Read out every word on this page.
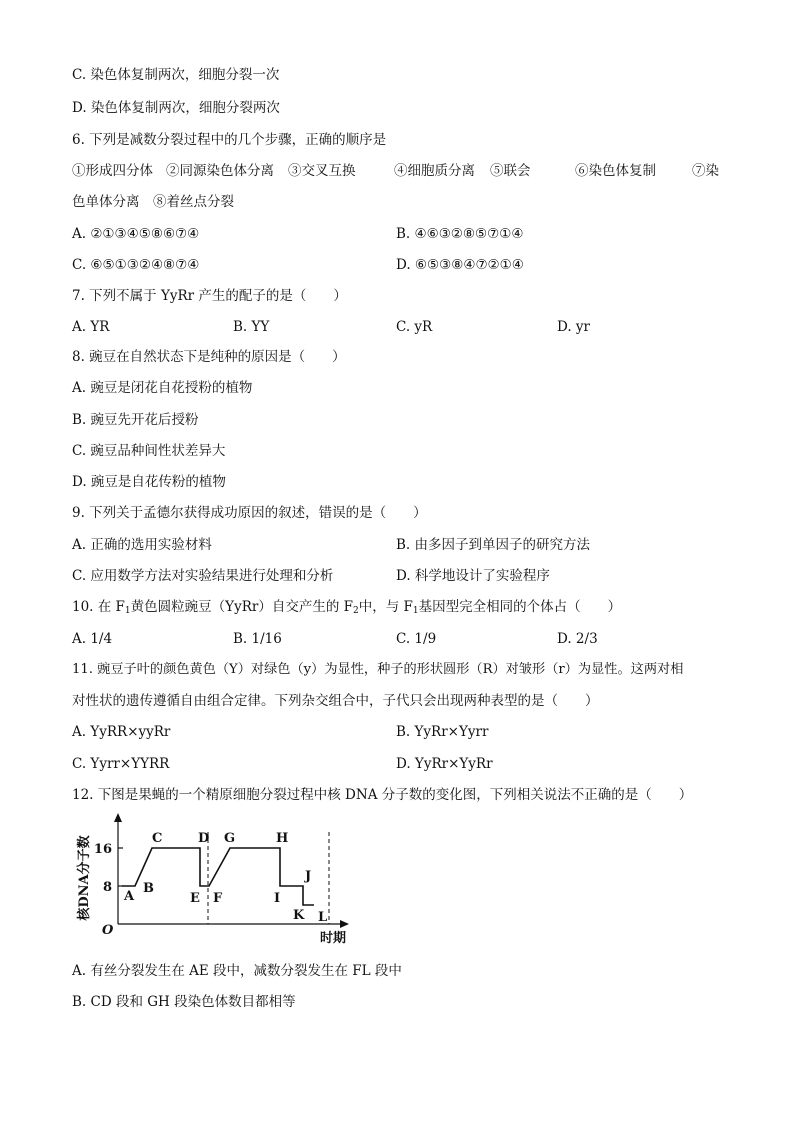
C. 染色体复制两次，细胞分裂一次
D. 染色体复制两次，细胞分裂两次
6. 下列是减数分裂过程中的几个步骤，正确的顺序是
①形成四分体 ②同源染色体分离 ③交叉互换	④细胞质分离 ⑤联会	⑥染色体复制	⑦染
色单体分离　⑧着丝点分裂
A. ②①③④⑤⑧⑥⑦④	B. ④⑥③②⑧⑤⑦①④
C. ⑥⑤①③②④⑧⑦④	D. ⑥⑤③⑧④⑦②①④
7. 下列不属于 YyRr 产生的配子的是（　　）
A. YR	B. YY	C. yR	D. yr
8. 豌豆在自然状态下是纯种的原因是（　　）
A. 豌豆是闭花自花授粉的植物
B. 豌豆先开花后授粉
C. 豌豆品种间性状差异大
D. 豌豆是自花传粉的植物
9. 下列关于孟德尔获得成功原因的叙述，错误的是（　　）
A. 正确的选用实验材料	B. 由多因子到单因子的研究方法
C. 应用数学方法对实验结果进行处理和分析	D. 科学地设计了实验程序
10. 在 $F_1$黄色圆粒豌豆（YyRr）自交产生的 $F_2$中，与 $F_1$基因型完全相同的个体占（　　）
A. 1/4	B. 1/16	C. 1/9	D. 2/3
11. 豌豆子叶的颜色黄色（Y）对绿色（y）为显性，种子的形状圆形（R）对皱形（r）为显性。这两对相
对性状的遗传遵循自由组合定律。下列杂交组合中，子代只会出现两种表型的是（　　）
A. YyRR×yyRr	B. YyRr×Yyrr
C. Yyrr×YYRR	D. YyRr×YyRr
12. 下图是果蝇的一个精原细胞分裂过程中核 DNA 分子数的变化图，下列相关说法不正确的是（　　）
核DNA分子数
时期
O
8
16
A
B
C	D
E F
G	H
I
J
K L
A. 有丝分裂发生在 AE 段中，减数分裂发生在 FL 段中
B. CD 段和 GH 段染色体数目都相等
